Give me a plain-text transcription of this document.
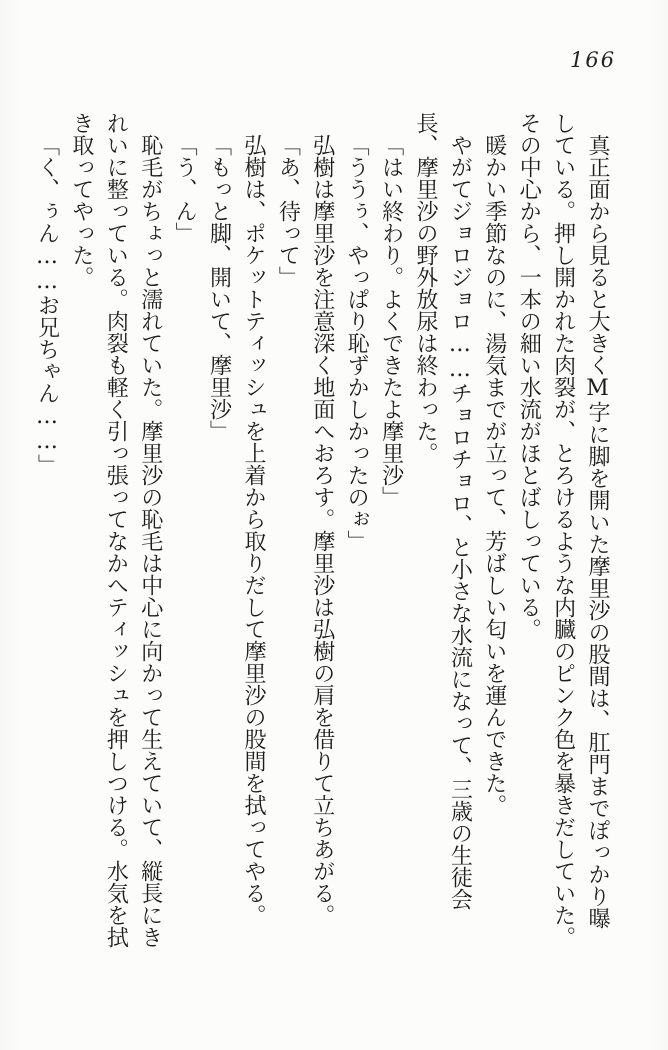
166

真正面から見ると大きくM字に脚を開いた摩里沙の股間は、肛門までぽっかり曝している。押し開かれた肉裂が、とろけるような内臓のピンク色を暴きだしていた。その中心から、一本の細い水流がほとばしっている。

暖かい季節なのに、湯気までが立って、芳ばしい匂いを運んできた。

やがてジョロジョロ……チョロチョロ、と小さな水流になって、三歳の生徒会長、摩里沙の野外放尿は終わった。

「はい終わり。よくできたよ摩里沙」

「ううぅ、やっぱり恥ずかしかったのぉ」

弘樹は摩里沙を注意深く地面へおろす。摩里沙は弘樹の肩を借りて立ちあがる。

「あ、待って」

弘樹は、ポケットティッシュを上着から取りだして摩里沙の股間を拭ってやる。

「もっと脚、開いて、摩里沙」

「う、ん」

恥毛がちょっと濡れていた。摩里沙の恥毛は中心に向かって生えていて、縦長にきれいに整っている。肉裂も軽く引っ張ってなかへティッシュを押しつける。水気を拭き取ってやった。

「く、ぅん……お兄ちゃん……」
